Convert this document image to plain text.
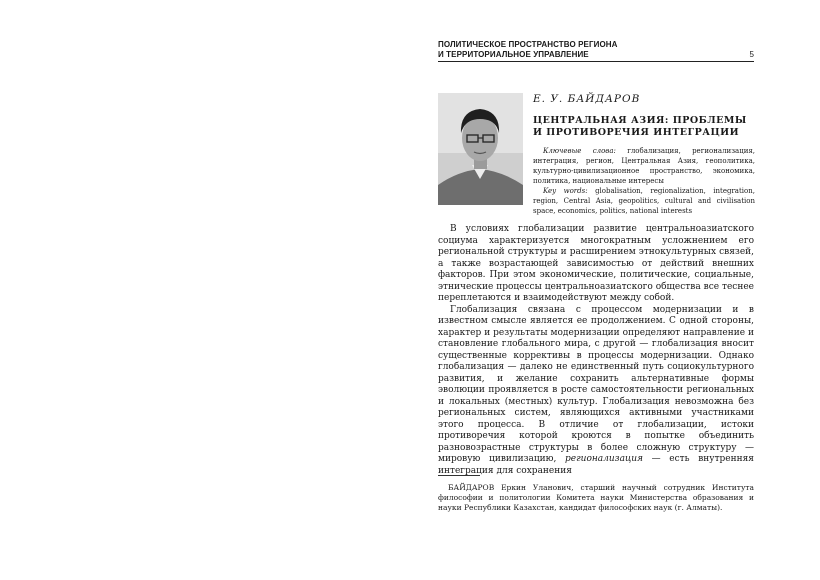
ПОЛИТИЧЕСКОЕ ПРОСТРАНСТВО РЕГИОНА
И ТЕРРИТОРИАЛЬНОЕ УПРАВЛЕНИЕ	5
Е. У. БАЙДАРОВ
ЦЕНТРАЛЬНАЯ АЗИЯ: ПРОБЛЕМЫ
И ПРОТИВОРЕЧИЯ ИНТЕГРАЦИИ

Ключевые слова: глобализация, регионализация, интеграция, регион, Центральная Азия, геополитика, культурно-цивилизационное пространство, экономика, политика, национальные интересы

Key words: globalisation, regionalization, integration, region, Central Asia, geopolitics, cultural and civilisation space, economics, politics, national interests

В условиях глобализации развитие центральноазиатского социума характеризуется многократным усложнением его региональной структуры и расширением этнокультурных связей, а также возрастающей зависимостью от действий внешних факторов. При этом экономические, политические, социальные, этнические процессы центральноазиатского общества все теснее переплетаются и взаимодействуют между собой.

Глобализация связана с процессом модернизации и в известном смысле является ее продолжением. С одной стороны, характер и результаты модернизации определяют направление и становление глобального мира, с другой — глобализация вносит существенные коррективы в процессы модернизации. Однако глобализация — далеко не единственный путь социокультурного развития, и желание сохранить альтернативные формы эволюции проявляется в росте самостоятельности региональных и локальных (местных) культур. Глобализация невозможна без региональных систем, являющихся активными участниками этого процесса. В отличие от глобализации, истоки противоречия которой кроются в попытке объединить разновозрастные структуры в более сложную структуру — мировую цивилизацию, регионализация — есть внутренняя интеграция для сохранения

БАЙДАРОВ Еркин Уланович, старший научный сотрудник Института философии и политологии Комитета науки Министерства образования и науки Республики Казахстан, кандидат философских наук (г. Алматы).
